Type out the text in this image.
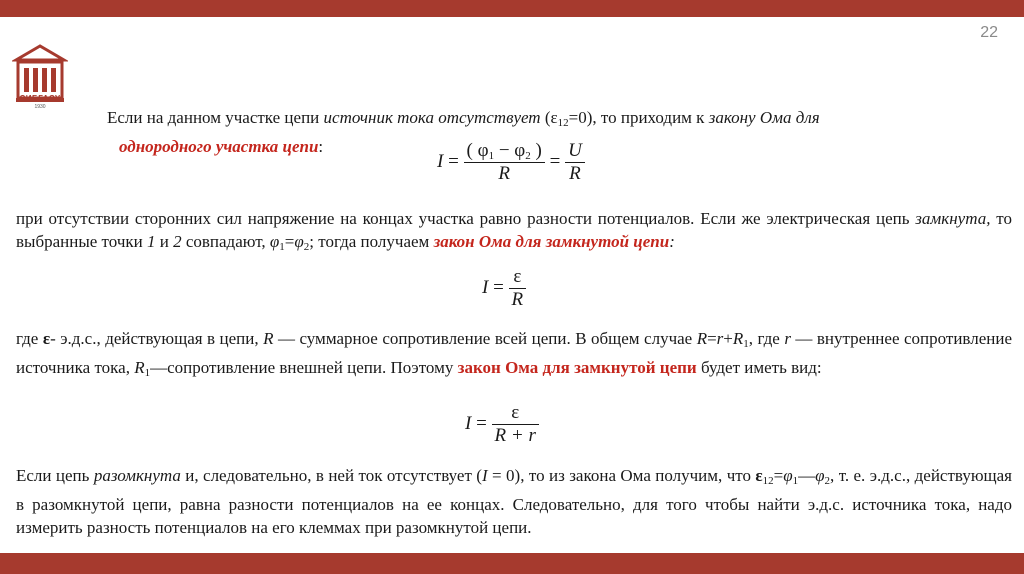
22
СИБГАСУ
1930
Если на данном участке цепи источник тока отсутствует $(\varepsilon_{12}=0)$, то приходим к закону Ома для
однородного участка цепи:
$I = \frac{( \varphi_1 - \varphi_2 )}{R} = \frac{U}{R}$
при отсутствии сторонних сил напряжение на концах участка равно разности потенциалов. Если же электрическая цепь замкнута, то выбранные точки 1 и 2 совпадают, $\varphi_1=\varphi_2$; тогда получаем закон Ома для замкнутой цепи:
$I = \frac{\varepsilon}{R}$
где ε- э.д.с., действующая в цепи, R — суммарное сопротивление всей цепи. В общем случае $R=r+R_1$, где r — внутреннее сопротивление источника тока, $R_1—сопротивление$ внешней цепи. Поэтому закон Ома для замкнутой цепи будет иметь вид:
$I = \frac{\varepsilon}{R + r}$
Если цепь разомкнута и, следовательно, в ней ток отсутствует (I = 0), то из закона Ома получим, что $\varepsilon_{12}=\varphi_1—\varphi_2$, т. е. э.д.с., действующая в разомкнутой цепи, равна разности потенциалов на ее концах. Следовательно, для того чтобы найти э.д.с. источника тока, надо измерить разность потенциалов на его клеммах при разомкнутой цепи.
